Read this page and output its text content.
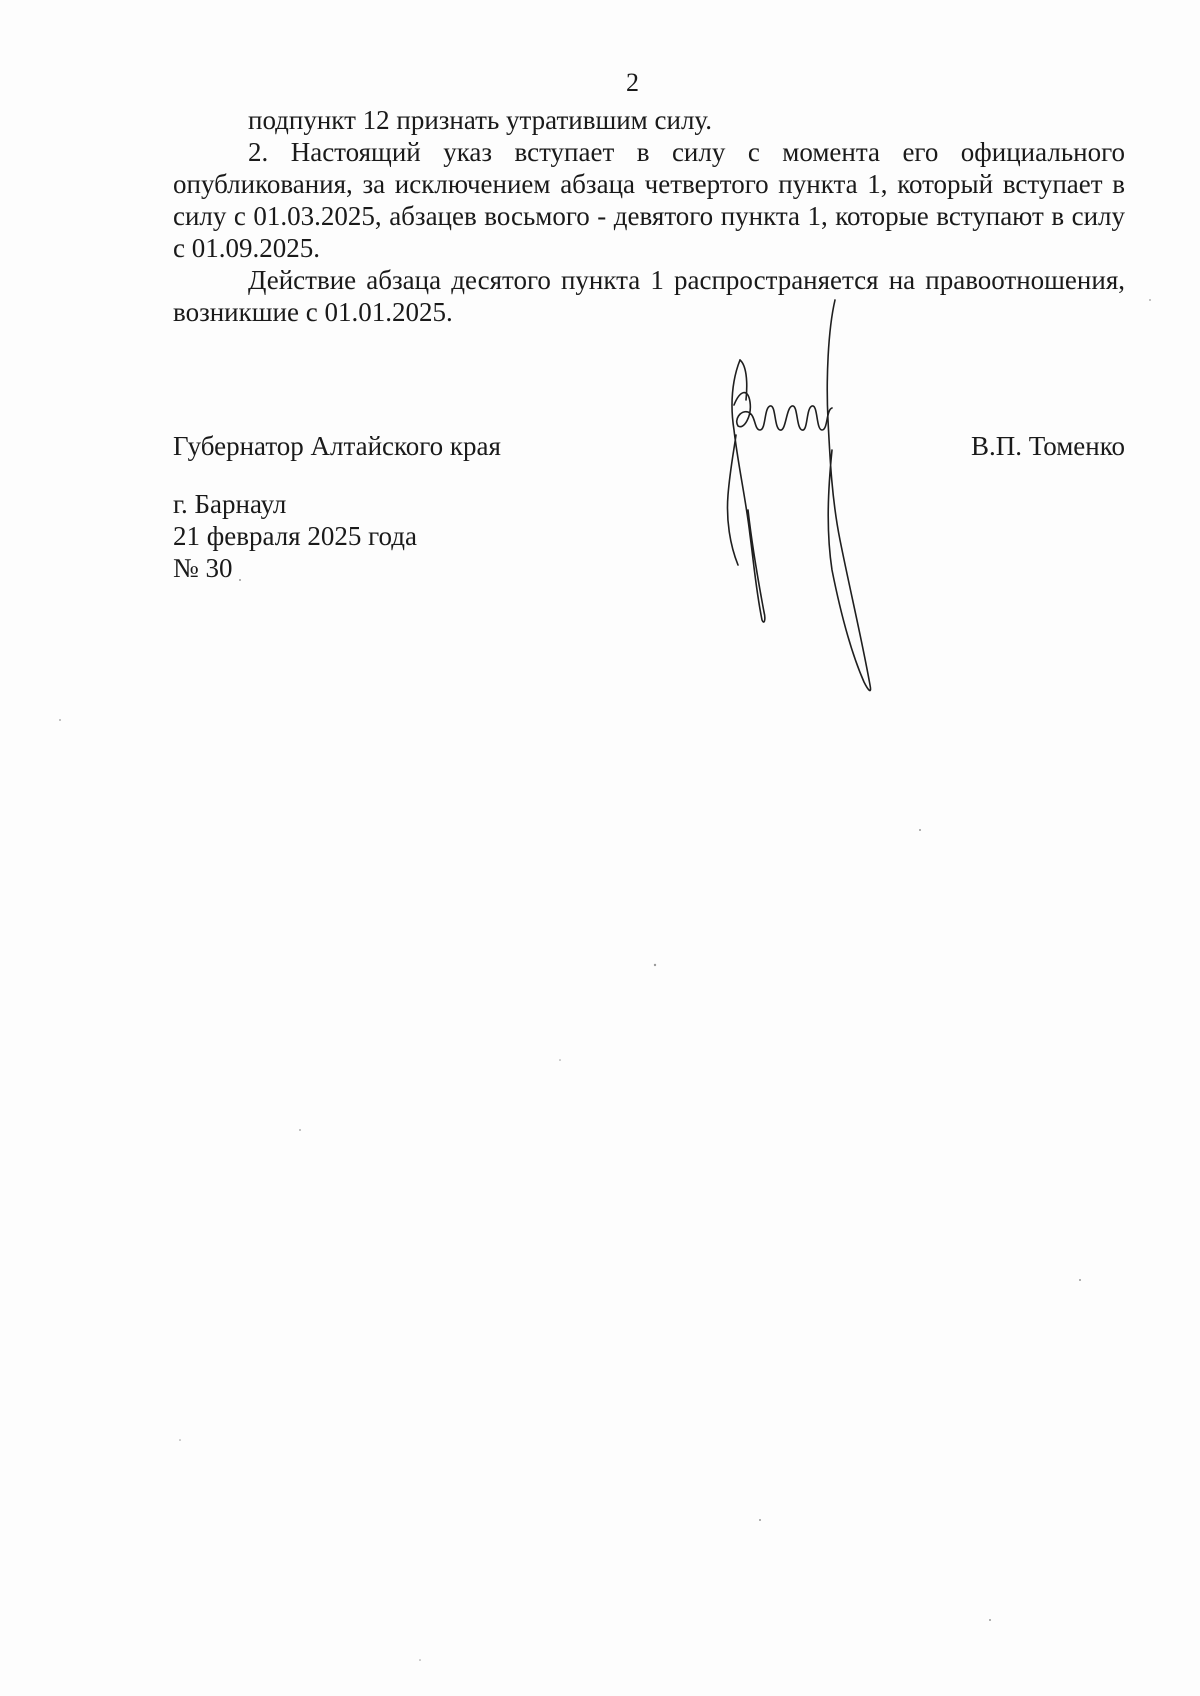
2

подпункт 12 признать утратившим силу.

2. Настоящий указ вступает в силу с момента его официального опубликования, за исключением абзаца четвертого пункта 1, который вступает в силу с 01.03.2025, абзацев восьмого - девятого пункта 1, которые вступают в силу с 01.09.2025.

Действие абзаца десятого пункта 1 распространяется на правоотношения, возникшие с 01.01.2025.

Губернатор Алтайского края	В.П. Томенко
г. Барнаул
21 февраля 2025 года
№ 30
